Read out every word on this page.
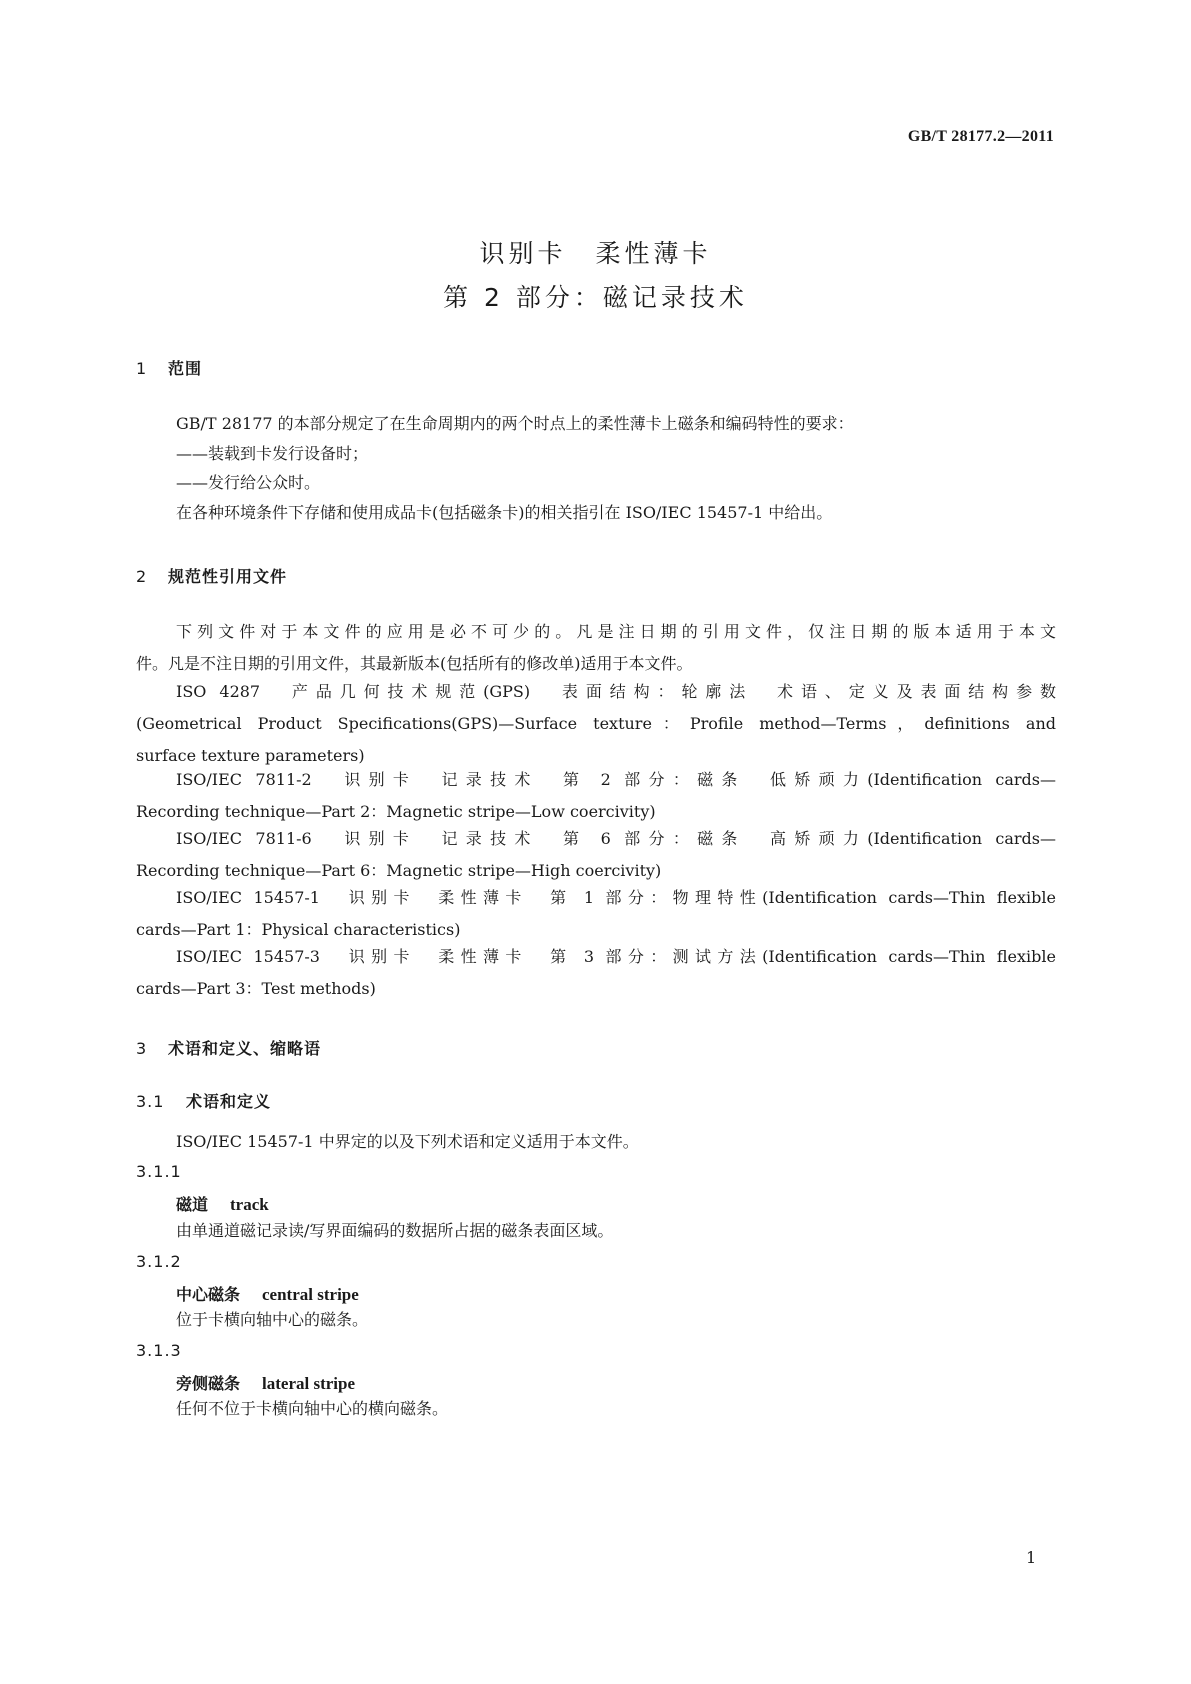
GB/T 28177.2—2011
识别卡　柔性薄卡
第 2 部分：磁记录技术
1 范围
GB/T 28177 的本部分规定了在生命周期内的两个时点上的柔性薄卡上磁条和编码特性的要求：
——装载到卡发行设备时；
——发行给公众时。
在各种环境条件下存储和使用成品卡(包括磁条卡)的相关指引在 ISO/IEC 15457-1 中给出。
2 规范性引用文件
下列文件对于本文件的应用是必不可少的。凡是注日期的引用文件，仅注日期的版本适用于本文
件。凡是不注日期的引用文件，其最新版本(包括所有的修改单)适用于本文件。
ISO 4287　产品几何技术规范(GPS)　表面结构：轮廓法　术语、定义及表面结构参数
(Geometrical Product Specifications(GPS)—Surface texture：Profile method—Terms，definitions and
surface texture parameters)
ISO/IEC 7811-2　识别卡　记录技术　第 2 部分：磁条　低矫顽力(Identification cards—
Recording technique—Part 2：Magnetic stripe—Low coercivity)
ISO/IEC 7811-6　识别卡　记录技术　第 6 部分：磁条　高矫顽力(Identification cards—
Recording technique—Part 6：Magnetic stripe—High coercivity)
ISO/IEC 15457-1　识别卡　柔性薄卡　第 1 部分：物理特性(Identification cards—Thin flexible
cards—Part 1：Physical characteristics)
ISO/IEC 15457-3　识别卡　柔性薄卡　第 3 部分：测试方法(Identification cards—Thin flexible
cards—Part 3：Test methods)
3 术语和定义、缩略语
3.1 术语和定义
ISO/IEC 15457-1 中界定的以及下列术语和定义适用于本文件。
3.1.1
磁道 track
由单通道磁记录读/写界面编码的数据所占据的磁条表面区域。
3.1.2
中心磁条 central stripe
位于卡横向轴中心的磁条。
3.1.3
旁侧磁条 lateral stripe
任何不位于卡横向轴中心的横向磁条。
1
